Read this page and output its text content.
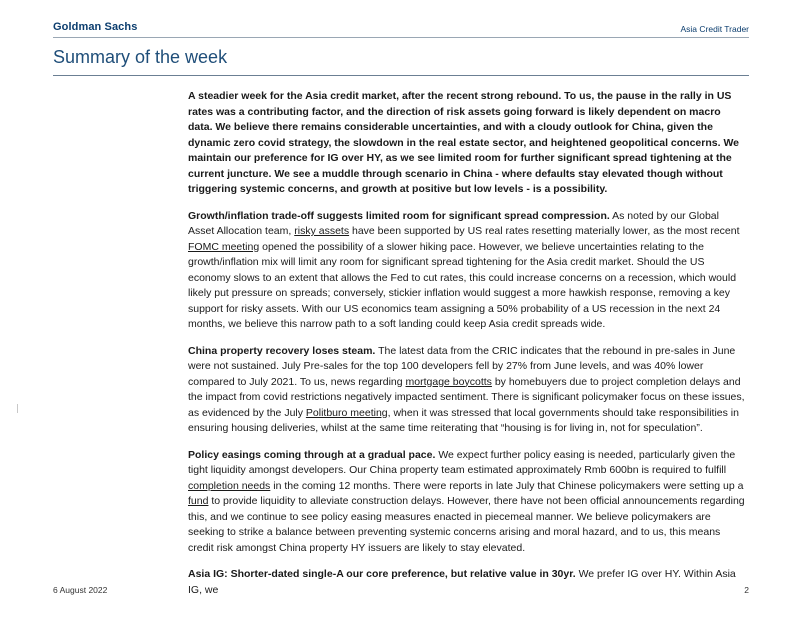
Goldman Sachs	Asia Credit Trader
Summary of the week

A steadier week for the Asia credit market, after the recent strong rebound. To us, the pause in the rally in US rates was a contributing factor, and the direction of risk assets going forward is likely dependent on macro data. We believe there remains considerable uncertainties, and with a cloudy outlook for China, given the dynamic zero covid strategy, the slowdown in the real estate sector, and heightened geopolitical concerns. We maintain our preference for IG over HY, as we see limited room for further significant spread tightening at the current juncture. We see a muddle through scenario in China - where defaults stay elevated though without triggering systemic concerns, and growth at positive but low levels - is a possibility.

Growth/inflation trade-off suggests limited room for significant spread compression. As noted by our Global Asset Allocation team, risky assets have been supported by US real rates resetting materially lower, as the most recent FOMC meeting opened the possibility of a slower hiking pace. However, we believe uncertainties relating to the growth/inflation mix will limit any room for significant spread tightening for the Asia credit market. Should the US economy slows to an extent that allows the Fed to cut rates, this could increase concerns on a recession, which would likely put pressure on spreads; conversely, stickier inflation would suggest a more hawkish response, removing a key support for risky assets. With our US economics team assigning a 50% probability of a US recession in the next 24 months, we believe this narrow path to a soft landing could keep Asia credit spreads wide.

China property recovery loses steam. The latest data from the CRIC indicates that the rebound in pre-sales in June were not sustained. July Pre-sales for the top 100 developers fell by 27% from June levels, and was 40% lower compared to July 2021. To us, news regarding mortgage boycotts by homebuyers due to project completion delays and the impact from covid restrictions negatively impacted sentiment. There is significant policymaker focus on these issues, as evidenced by the July Politburo meeting, when it was stressed that local governments should take responsibilities in ensuring housing deliveries, whilst at the same time reiterating that “housing is for living in, not for speculation”.

Policy easings coming through at a gradual pace. We expect further policy easing is needed, particularly given the tight liquidity amongst developers. Our China property team estimated approximately Rmb 600bn is required to fulfill completion needs in the coming 12 months. There were reports in late July that Chinese policymakers were setting up a fund to provide liquidity to alleviate construction delays. However, there have not been official announcements regarding this, and we continue to see policy easing measures enacted in piecemeal manner. We believe policymakers are seeking to strike a balance between preventing systemic concerns arising and moral hazard, and to us, this means credit risk amongst China property HY issuers are likely to stay elevated.

Asia IG: Shorter-dated single-A our core preference, but relative value in 30yr. We prefer IG over HY. Within Asia IG, we

6 August 2022	2
